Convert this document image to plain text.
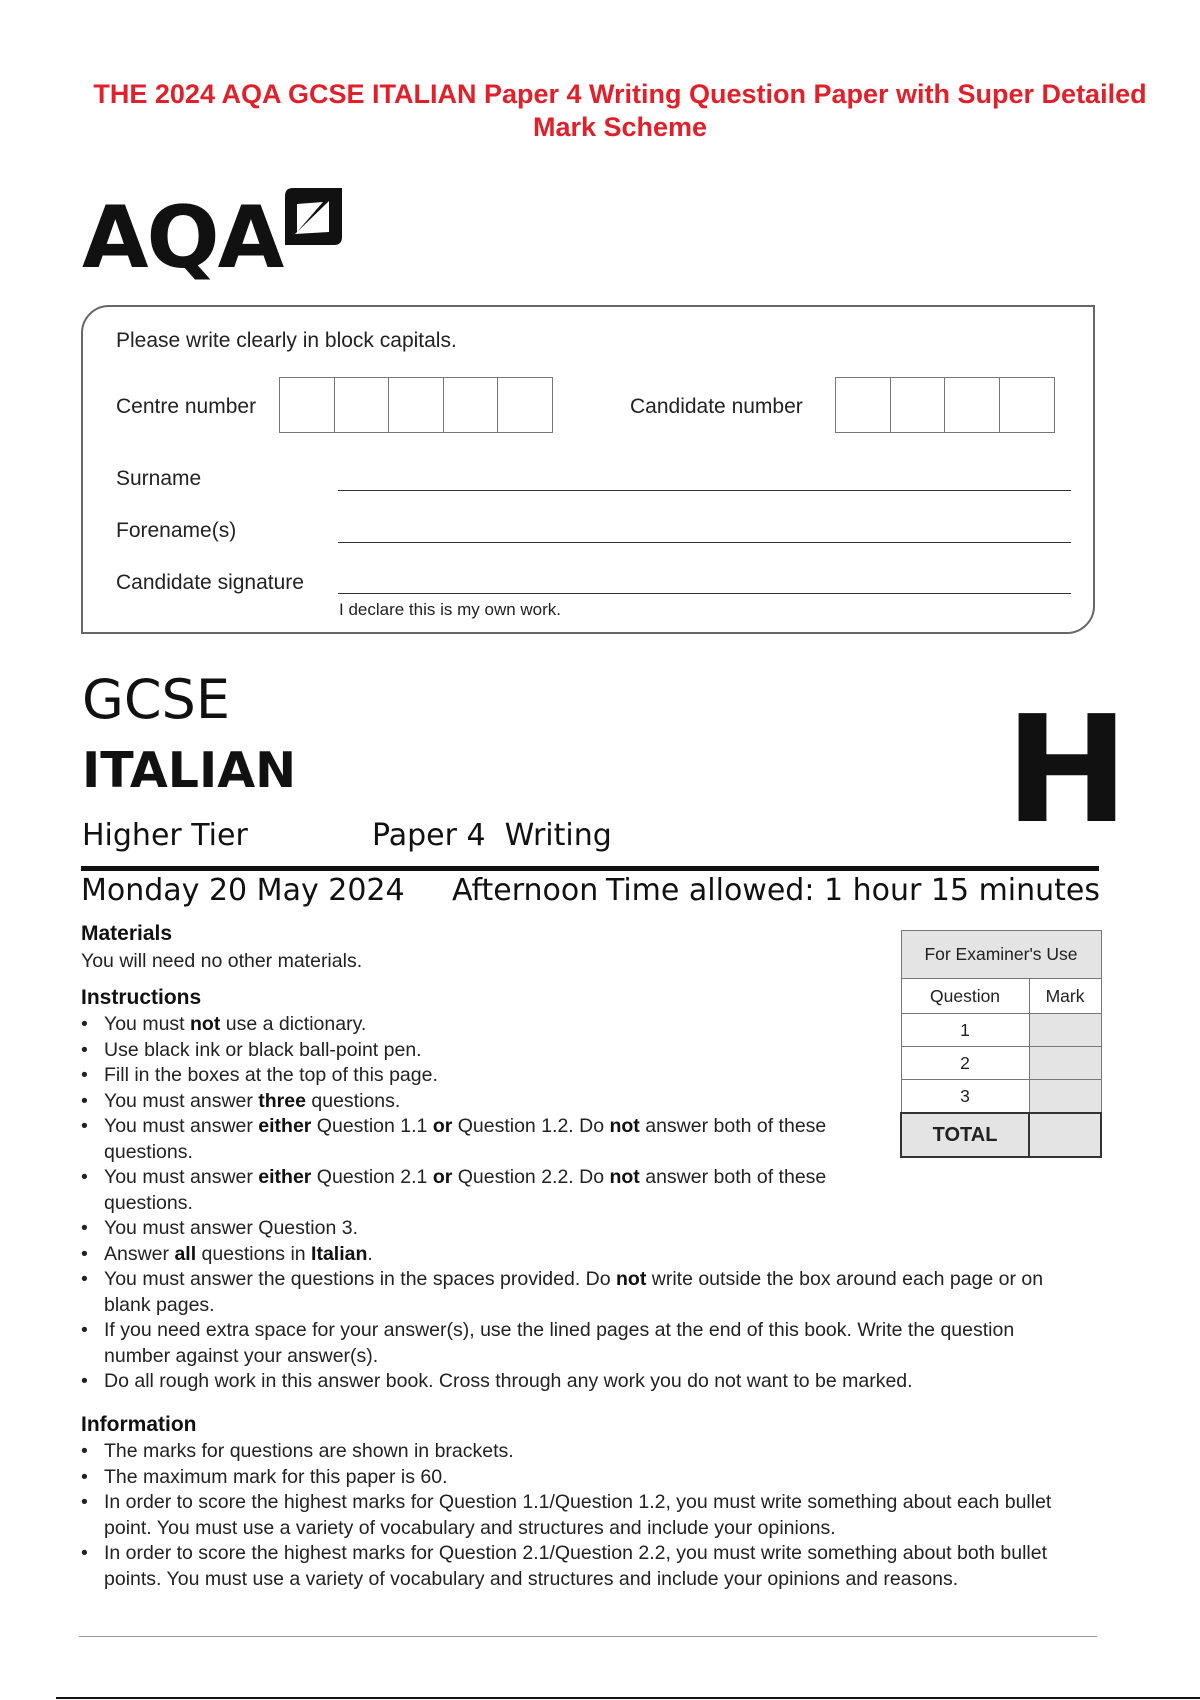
THE 2024 AQA GCSE ITALIAN Paper 4 Writing Question Paper with Super Detailed
Mark Scheme
AQA
Please write clearly in block capitals.
Centre number	Candidate number
Surname
Forename(s)
Candidate signature
I declare this is my own work.
GCSE
ITALIAN	H
Higher Tier	Paper 4  Writing
Monday 20 May 2024 Afternoon Time allowed: 1 hour 15 minutes
Materials
You will need no other materials.
Instructions
• You must not use a dictionary.
• Use black ink or black ball-point pen.
• Fill in the boxes at the top of this page.
• You must answer three questions.
• You must answer either Question 1.1 or Question 1.2. Do not answer both of these questions.
• You must answer either Question 2.1 or Question 2.2. Do not answer both of these questions.
• You must answer Question 3.
• Answer all questions in Italian.
• You must answer the questions in the spaces provided. Do not write outside the box around each page or on blank pages.
• If you need extra space for your answer(s), use the lined pages at the end of this book. Write the question number against your answer(s).
• Do all rough work in this answer book. Cross through any work you do not want to be marked.
Information
• The marks for questions are shown in brackets.
• The maximum mark for this paper is 60.
• In order to score the highest marks for Question 1.1/Question 1.2, you must write something about each bullet point. You must use a variety of vocabulary and structures and include your opinions.
• In order to score the highest marks for Question 2.1/Question 2.2, you must write something about both bullet points. You must use a variety of vocabulary and structures and include your opinions and reasons.
For Examiner's Use	
Question	Mark
1	
2	
3	
TOTAL	
